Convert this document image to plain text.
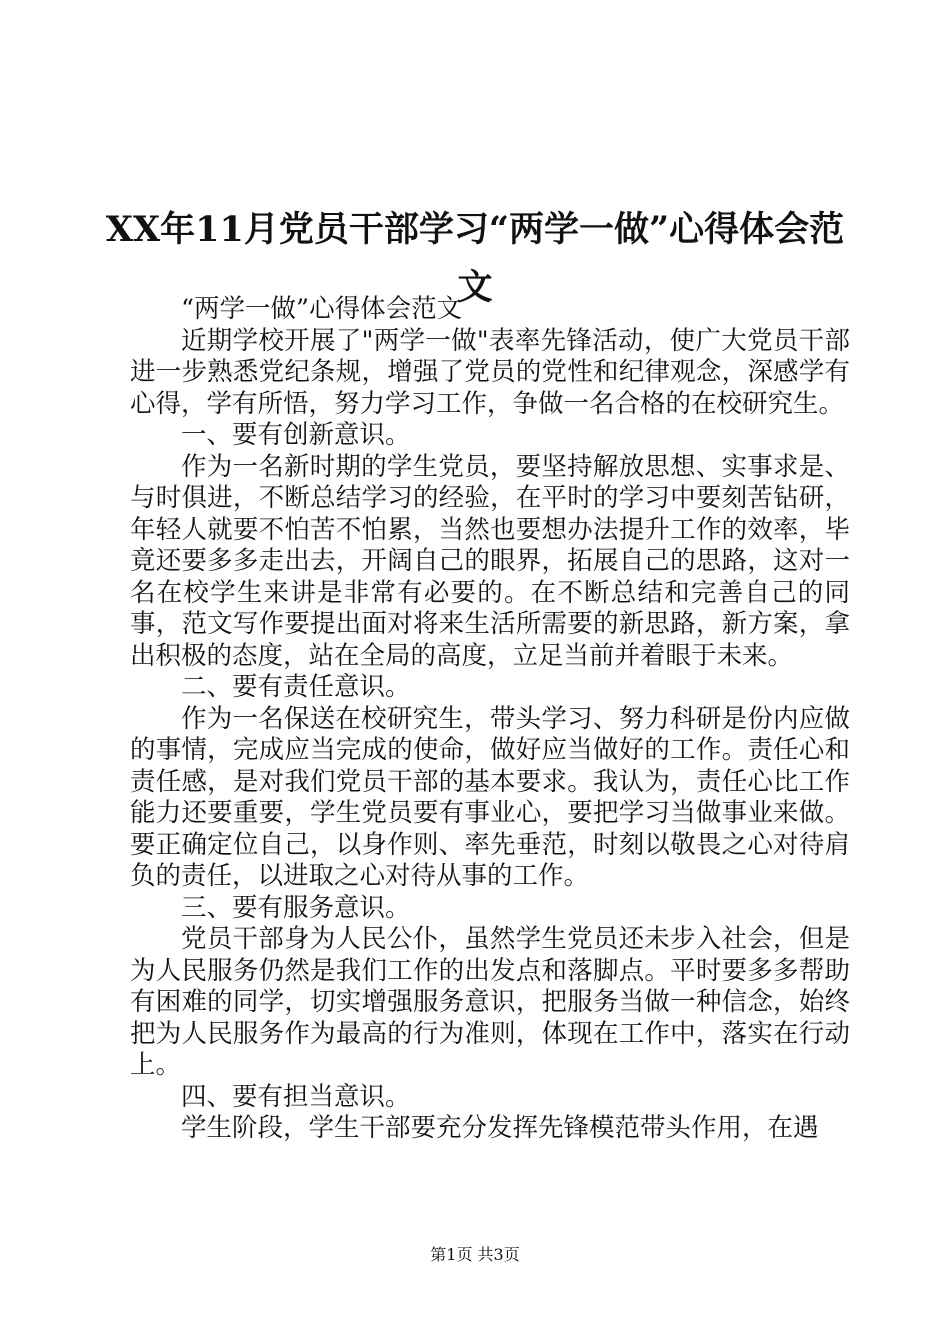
XX年11月党员干部学习“两学一做”心得体会范文

“两学一做”心得体会范文

近期学校开展了"两学一做"表率先锋活动，使广大党员干部进一步熟悉党纪条规，增强了党员的党性和纪律观念，深感学有心得，学有所悟，努力学习工作，争做一名合格的在校研究生。

一、要有创新意识。

作为一名新时期的学生党员，要坚持解放思想、实事求是、与时俱进，不断总结学习的经验，在平时的学习中要刻苦钻研，年轻人就要不怕苦不怕累，当然也要想办法提升工作的效率，毕竟还要多多走出去，开阔自己的眼界，拓展自己的思路，这对一名在校学生来讲是非常有必要的。在不断总结和完善自己的同事，范文写作要提出面对将来生活所需要的新思路，新方案，拿出积极的态度，站在全局的高度，立足当前并着眼于未来。

二、要有责任意识。

作为一名保送在校研究生，带头学习、努力科研是份内应做的事情，完成应当完成的使命，做好应当做好的工作。责任心和责任感，是对我们党员干部的基本要求。我认为，责任心比工作能力还要重要，学生党员要有事业心，要把学习当做事业来做。要正确定位自己，以身作则、率先垂范，时刻以敬畏之心对待肩负的责任，以进取之心对待从事的工作。

三、要有服务意识。

党员干部身为人民公仆，虽然学生党员还未步入社会，但是为人民服务仍然是我们工作的出发点和落脚点。平时要多多帮助有困难的同学，切实增强服务意识，把服务当做一种信念，始终把为人民服务作为最高的行为准则，体现在工作中，落实在行动上。

四、要有担当意识。

学生阶段，学生干部要充分发挥先锋模范带头作用，在遇

第1页 共3页
